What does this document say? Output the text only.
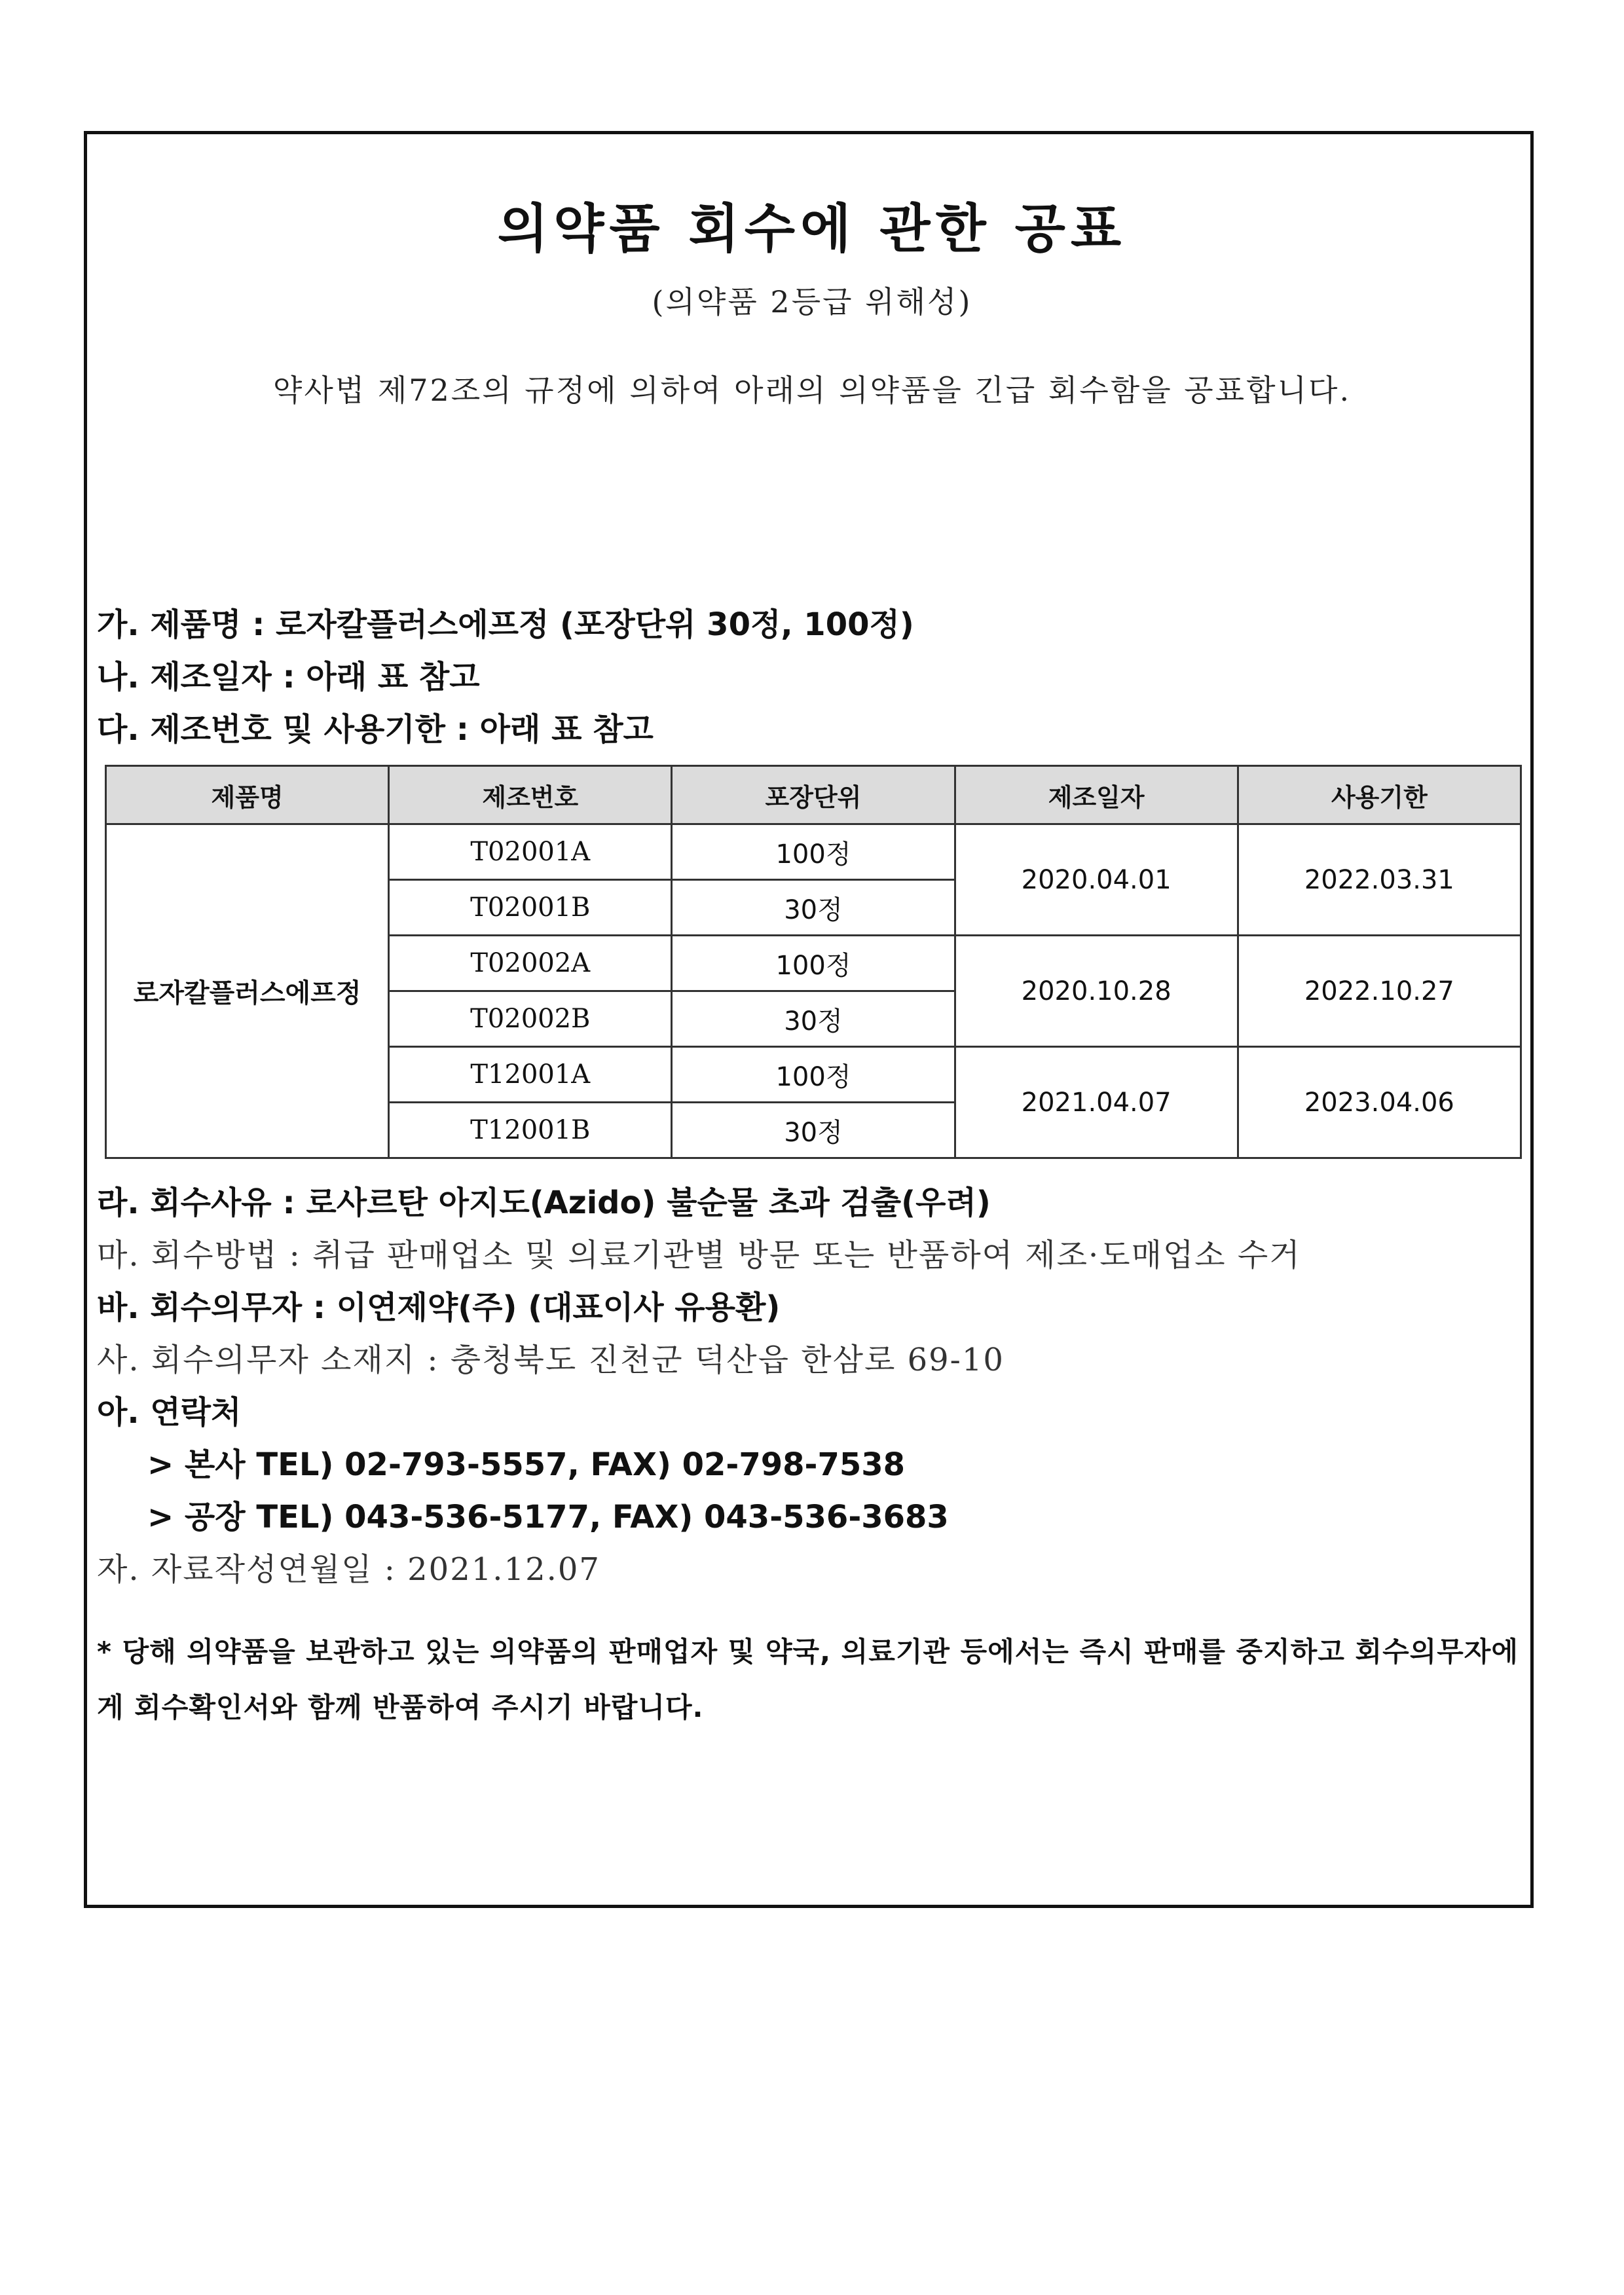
의약품 회수에 관한 공표
(의약품 2등급 위해성)
약사법 제72조의 규정에 의하여 아래의 의약품을 긴급 회수함을 공표합니다.
가. 제품명 : 로자칼플러스에프정 (포장단위 30정, 100정)
나. 제조일자 : 아래 표 참고
다. 제조번호 및 사용기한 : 아래 표 참고
제품명	제조번호	포장단위	제조일자	사용기한
로자칼플러스에프정	T02001A	100정	2020.04.01	2022.03.31
	T02001B	30정		
	T02002A	100정	2020.10.28	2022.10.27
	T02002B	30정		
	T12001A	100정	2021.04.07	2023.04.06
	T12001B	30정		
라. 회수사유 : 로사르탄 아지도(Azido) 불순물 초과 검출(우려)
마. 회수방법 : 취급 판매업소 및 의료기관별 방문 또는 반품하여 제조·도매업소 수거
바. 회수의무자 : 이연제약(주) (대표이사 유용환)
사. 회수의무자 소재지 : 충청북도 진천군 덕산읍 한삼로 69-10
아. 연락처
> 본사 TEL) 02-793-5557, FAX) 02-798-7538
> 공장 TEL) 043-536-5177, FAX) 043-536-3683
자. 자료작성연월일 : 2021.12.07
* 당해 의약품을 보관하고 있는 의약품의 판매업자 및 약국, 의료기관 등에서는 즉시 판매를 중지하고 회수의무자에게 회수확인서와 함께 반품하여 주시기 바랍니다.
